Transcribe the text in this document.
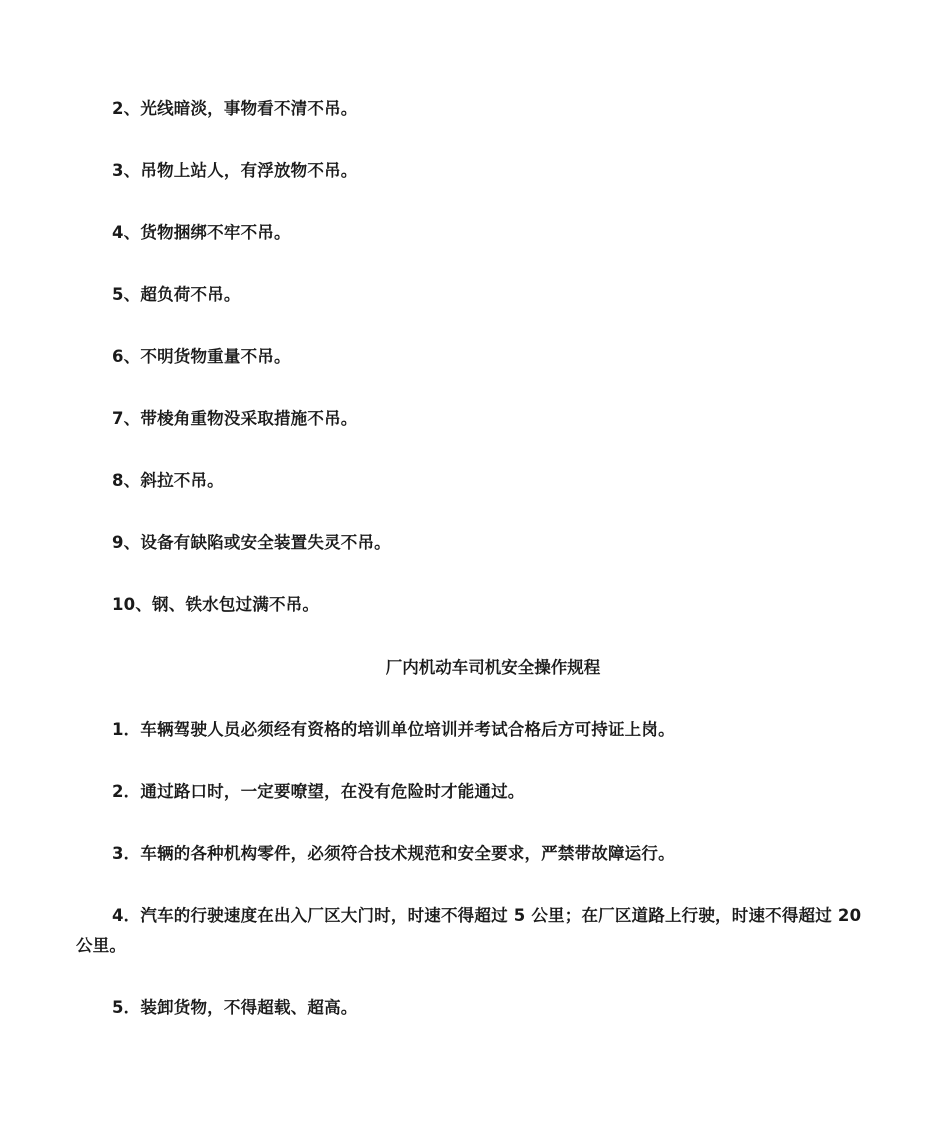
2、光线暗淡，事物看不清不吊。
3、吊物上站人，有浮放物不吊。
4、货物捆绑不牢不吊。
5、超负荷不吊。
6、不明货物重量不吊。
7、带棱角重物没采取措施不吊。
8、斜拉不吊。
9、设备有缺陷或安全装置失灵不吊。
10、钢、铁水包过满不吊。
厂内机动车司机安全操作规程
1．车辆驾驶人员必须经有资格的培训单位培训并考试合格后方可持证上岗。
2．通过路口时，一定要嘹望，在没有危险时才能通过。
3．车辆的各种机构零件，必须符合技术规范和安全要求，严禁带故障运行。
4．汽车的行驶速度在出入厂区大门时，时速不得超过 5 公里；在厂区道路上行驶，时速不得超过 20 公里。
5．装卸货物，不得超载、超高。
